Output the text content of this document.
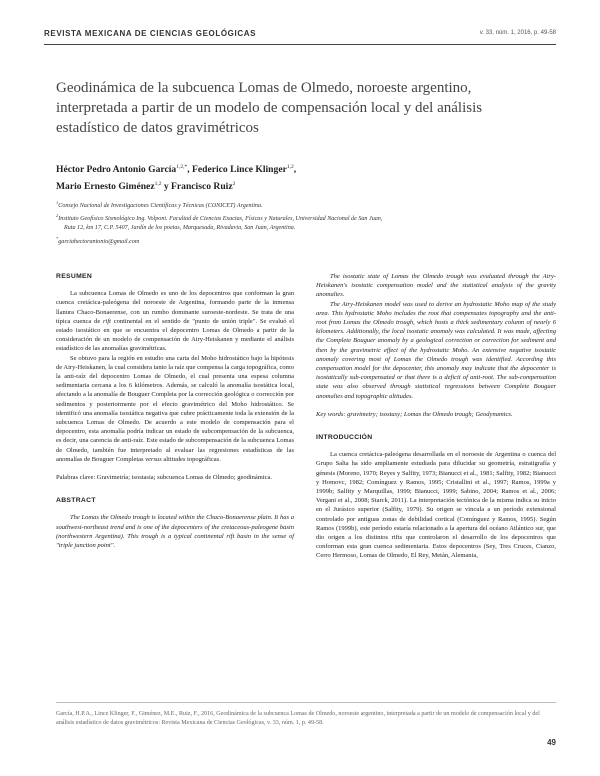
REVISTA MEXICANA DE CIENCIAS GEOLÓGICAS	v. 33, núm. 1, 2016, p. 49-58
Geodinámica de la subcuenca Lomas de Olmedo, noroeste argentino, interpretada a partir de un modelo de compensación local y del análisis estadístico de datos gravimétricos
Héctor Pedro Antonio García$^{1,2,*}$, Federico Lince Klinger$^{1,2}$,
Mario Ernesto Giménez$^{1,2}$ y Francisco Ruiz$^2$
$^1$Consejo Nacional de Investigaciones Científicas y Técnicas (CONICET) Argentina.
$^2$Instituto Geofísico Sismológico Ing. Volponi. Facultad de Ciencias Exactas, Físicas y Naturales, Universidad Nacional de San Juan,
Ruta 12, km 17, C.P. 5407, Jardín de los poetas, Marquesada, Rivadavia, San Juan, Argentina.
*garciahectorantonio@gmail.com
RESUMEN

La subcuenca Lomas de Olmedo es uno de los depocentros que conforman la gran cuenca cretácica-paleógena del noroeste de Argentina, formando parte de la inmensa llanura Chaco-Bonaerense, con un rumbo dominante suroeste-nordeste. Se trata de una típica cuenca de rift continental en el sentido de "punto de unión triple". Se evaluó el estado isostático en que se encuentra el depocentro Lomas de Olmedo a partir de la consideración de un modelo de compensación de Airy-Heiskanen y mediante el análisis estadístico de las anomalías gravimétricas.

Se obtuvo para la región en estudio una carta del Moho hidrostático bajo la hipótesis de Airy-Heiskanen, la cual considera tanto la raíz que compensa la carga topográfica, como la anti-raíz del depocentro Lomas de Olmedo, el cual presenta una espesa columna sedimentaria cercana a los 6 kilómetros. Además, se calculó la anomalía isostática local, afectando a la anomalía de Bouguer Completa por la corrección geológica o corrección por sedimentos y posteriormente por el efecto gravimétrico del Moho hidrostático. Se identificó una anomalía isostática negativa que cubre prácticamente toda la extensión de la subcuenca Lomas de Olmedo. De acuerdo a este modelo de compensación para el depocentro, esta anomalía podría indicar un estado de subcompensación de la subcuenca, es decir, una carencia de anti-raíz. Este estado de subcompensación de la subcuenca Lomas de Olmedo, también fue interpretado al evaluar las regresiones estadísticas de las anomalías de Bouguer Completas versus altitudes topográficas.

Palabras clave: Gravimetría; isostasia; subcuenca Lomas de Olmedo; geodinámica.

ABSTRACT

The Lomas the Olmedo trough is located within the Chaco-Bonaerense plain. It has a southwest-northeast trend and is one of the depocenters of the cretaceous-paleogene basin (northwestern Argentina). This trough is a typical continental rift basin in the sense of "triple junction point".

The isostatic state of Lomas the Olmedo trough was evaluated through the Airy-Heiskanen's isostatic compensation model and the statistical analysis of the gravity anomalies.

The Airy-Heiskanen model was used to derive an hydrostatic Moho map of the study area. This hydrostatic Moho includes the root that compensates topography and the anti-root from Lomas the Olmedo trough, which hosts a thick sedimentary column of nearly 6 kilometers. Additionally, the local isostatic anomaly was calculated. It was made, affecting the Complete Bouguer anomaly by a geological correction or correction for sediment and then by the gravimetric effect of the hydrostatic Moho. An extensive negative isostatic anomaly covering most of Lomas the Olmedo trough was identified. According this compensation model for the depocenter, this anomaly may indicate that the depocenter is isostatically sub-compensated or that there is a deficit of anti-root. The sub-compensation state was also observed through statistical regressions between Complete Bouguer anomalies and topographic altitudes.

Key words: gravimetry; isostasy; Lomas the Olmedo trough; Geodynamics.

INTRODUCCIÓN

La cuenca cretácica-paleógena desarrollada en el noroeste de Argentina o cuenca del Grupo Salta ha sido ampliamente estudiada para dilucidar su geometría, estratigrafía y génesis (Moreno, 1970; Reyes y Salfity, 1973; Bianucci et al., 1981; Salfity, 1982; Bianucci y Homovc, 1982; Comínguez y Ramos, 1995; Cristallini et al., 1997; Ramos, 1999a y 1999b; Salfity y Marquillas, 1999; Bianucci, 1999; Sabino, 2004; Ramos et al., 2006; Vergani et al., 2008; Starck, 2011). La interpretación tectónica de la misma indica su inicio en el Jurásico superior (Salfity, 1979). Su origen se vincula a un período extensional controlado por antiguas zonas de debilidad cortical (Comínguez y Ramos, 1995). Según Ramos (1999b), este período estaría relacionado a la apertura del océano Atlántico sur, que dio origen a los distintos rifts que controlaron el desarrollo de los depocentros que conforman esta gran cuenca sedimentaria. Estos depocentros (Sey, Tres Cruces, Cianzo, Cerro Hermoso, Lomas de Olmedo, El Rey, Metán, Alemania,

García, H.P.A., Lince Klinger, F., Giménez, M.E., Ruiz, F., 2016, Geodinámica de la subcuenca Lomas de Olmedo, noroeste argentino, interpretada a partir de un modelo de compensación local y del análisis estadístico de datos gravimétricos: Revista Mexicana de Ciencias Geológicas, v. 33, núm. 1, p. 49-58.
49
